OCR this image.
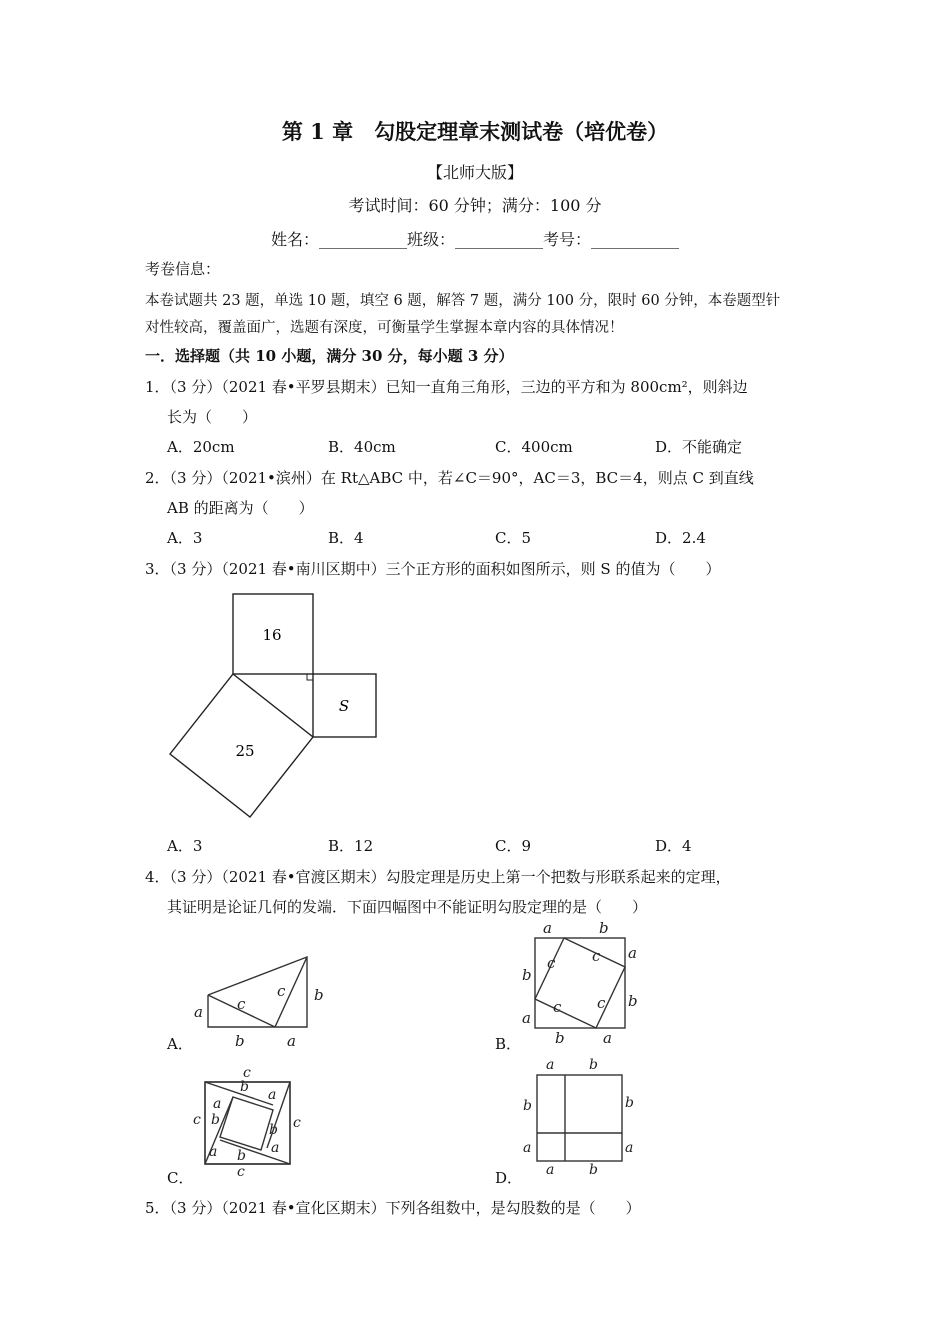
第 1 章　勾股定理章末测试卷（培优卷）
【北师大版】
考试时间：60 分钟；满分：100 分
姓名：___________班级：___________考号：___________
考卷信息：
本卷试题共 23 题，单选 10 题，填空 6 题，解答 7 题，满分 100 分，限时 60 分钟，本卷题型针
对性较高，覆盖面广，选题有深度，可衡量学生掌握本章内容的具体情况！
一．选择题（共 10 小题，满分 30 分，每小题 3 分）
1．（3 分）（2021 春•平罗县期末）已知一直角三角形，三边的平方和为 800cm²，则斜边
长为（　　）
A．20cm	B．40cm	C．400cm	D．不能确定
2．（3 分）（2021•滨州）在 Rt△ABC 中，若∠C＝90°，AC＝3，BC＝4，则点 C 到直线
AB 的距离为（　　）
A．3	B．4	C．5	D．2.4
3．（3 分）（2021 春•南川区期中）三个正方形的面积如图所示，则 S 的值为（　　）
16
S
25
A．3	B．12	C．9	D．4
4．（3 分）（2021 春•官渡区期末）勾股定理是历史上第一个把数与形联系起来的定理，
其证明是论证几何的发端．下面四幅图中不能证明勾股定理的是（　　）
a
b	a
c
c b
A．
a	b
a
b
b	a
b
a
c c
c
c
B．
c
b a
a
b
c	c
b
a
a b
c
C．
a b
b
a
b
a
a b
D．
5．（3 分）（2021 春•宣化区期末）下列各组数中，是勾股数的是（　　）
